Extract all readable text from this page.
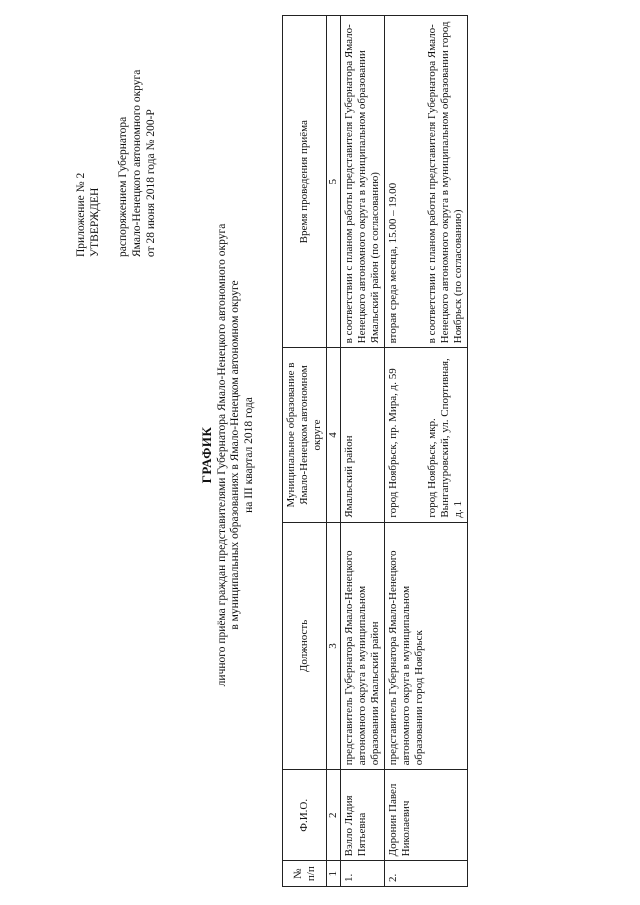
Приложение № 2 УТВЕРЖДЕН распоряжением Губернатора Ямало-Ненецкого автономного округа от 28 июня 2018 года № 200-Р
ГРАФИК личного приёма граждан представителями Губернатора Ямало-Ненецкого автономного округа в муниципальных образованиях в Ямало-Ненецком автономном округе на III квартал 2018 года
№ п/п	Ф.И.О.	Должность	Муниципальное образование в Ямало-Ненецком автономном округе	Время проведения приёма
1	2	3	4	5
1.	Вэлло Лидия Пятьевна	представитель Губернатора Ямало-Ненецкого автономного округа в муниципальном образовании Ямальский район	Ямальский район	в соответствии с планом работы представителя Губернатора Ямало-Ненецкого автономного округа в муниципальном образовании Ямальский район (по согласованию)
2.	Доронин Павел Николаевич	представитель Губернатора Ямало-Ненецкого автономного округа в муниципальном образовании город Ноябрьск	город Ноябрьск, пр. Мира, д. 59 город Ноябрьск, мкр. Вынгапуровский, ул. Спортивная, д. 1	вторая среда месяца, 15.00 – 19.00 в соответствии с планом работы представителя Губернатора Ямало-Ненецкого автономного округа в муниципальном образовании город Ноябрьск (по согласованию)
